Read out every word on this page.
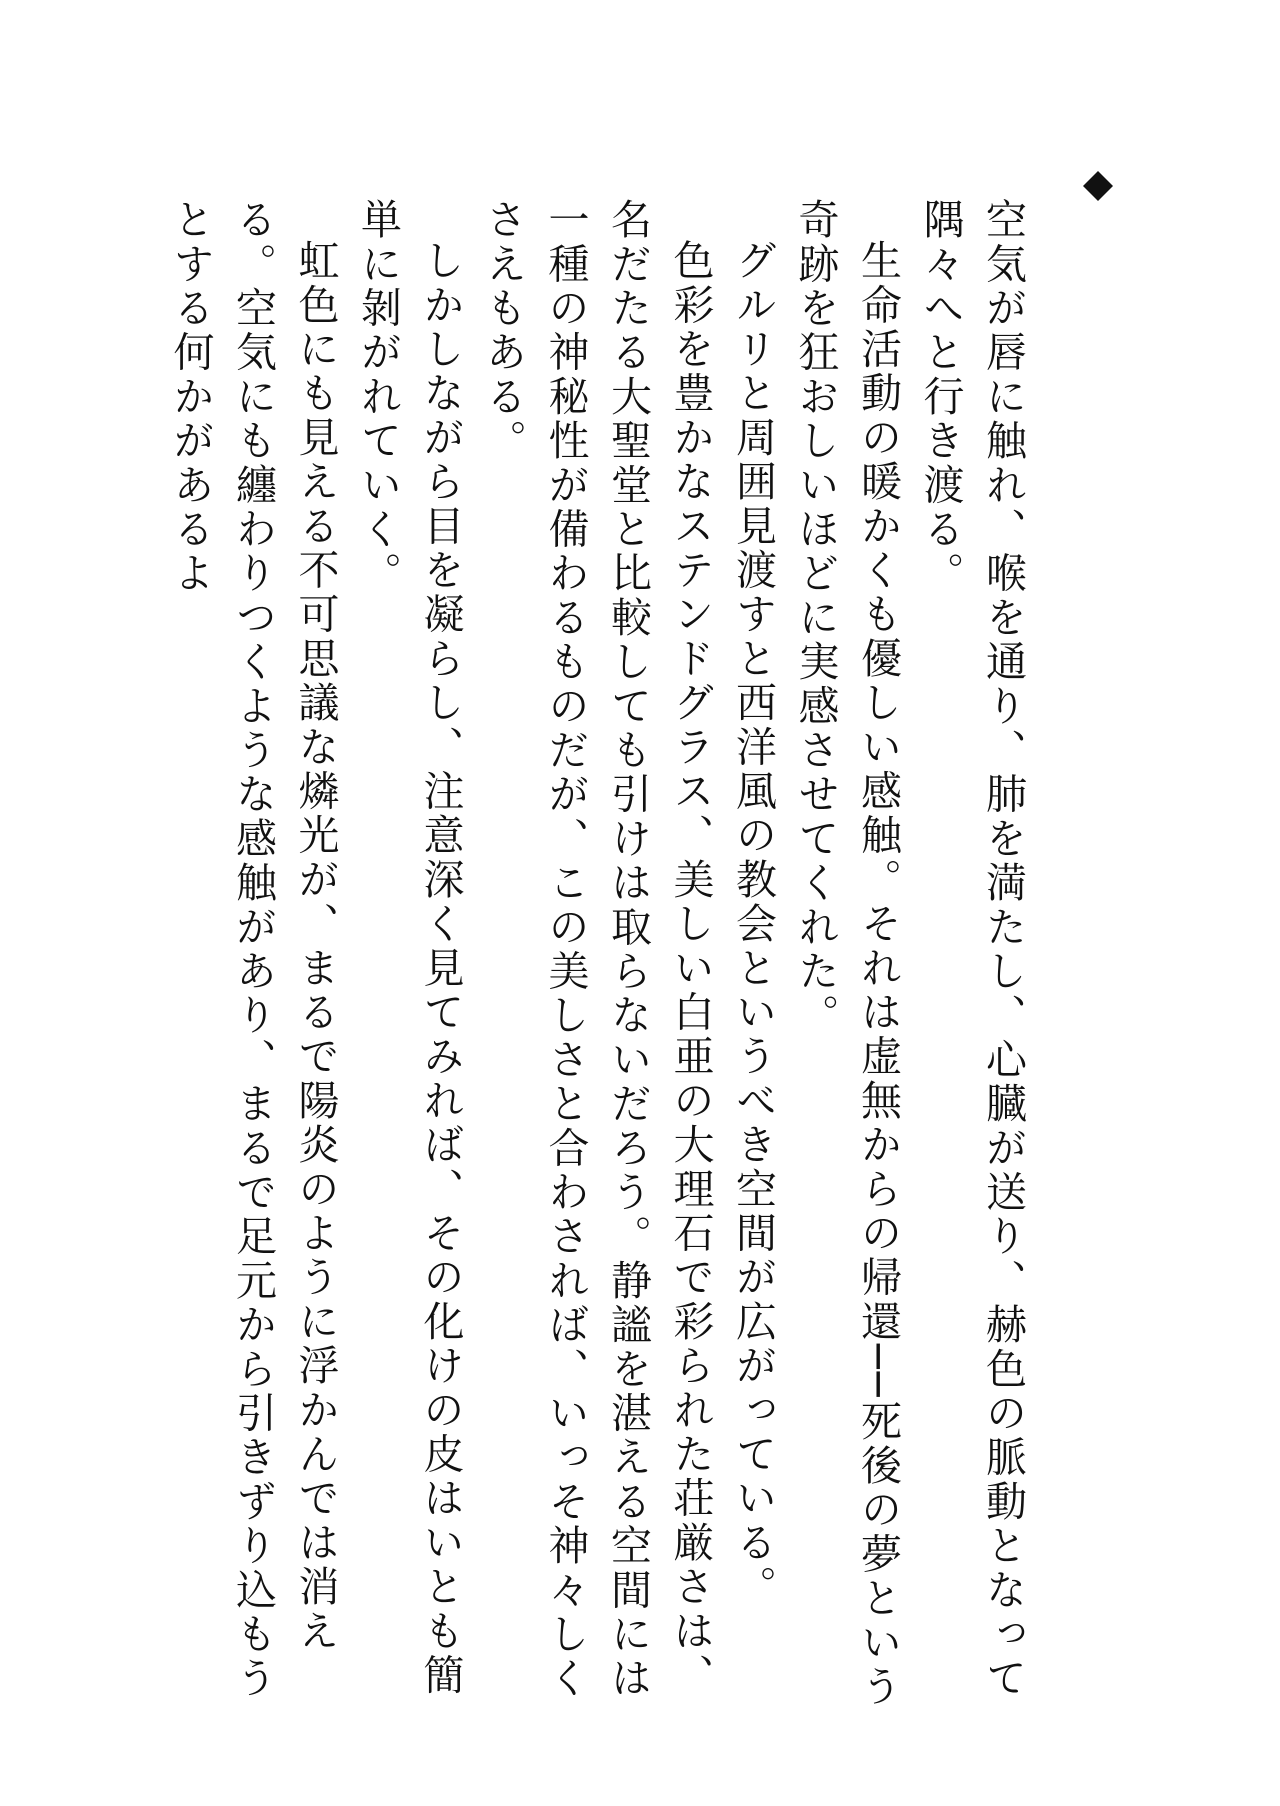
空気が唇に触れ、喉を通り、肺を満たし、心臓が送り、赫色の脈動となって隅々へと行き渡る。

生命活動の暖かくも優しい感触。それは虚無からの帰還──死後の夢という奇跡を狂おしいほどに実感させてくれた。

グルリと周囲見渡すと西洋風の教会というべき空間が広がっている。

色彩を豊かなステンドグラス、美しい白亜の大理石で彩られた荘厳さは、名だたる大聖堂と比較しても引けは取らないだろう。静謐を湛える空間には一種の神秘性が備わるものだが、この美しさと合わされば、いっそ神々しくさえもある。

しかしながら目を凝らし、注意深く見てみれば、その化けの皮はいとも簡単に剝がれていく。

虹色にも見える不可思議な燐光が、まるで陽炎のように浮かんでは消える。空気にも纏わりつくような感触があり、まるで足元から引きずり込もうとする何かがあるよ
